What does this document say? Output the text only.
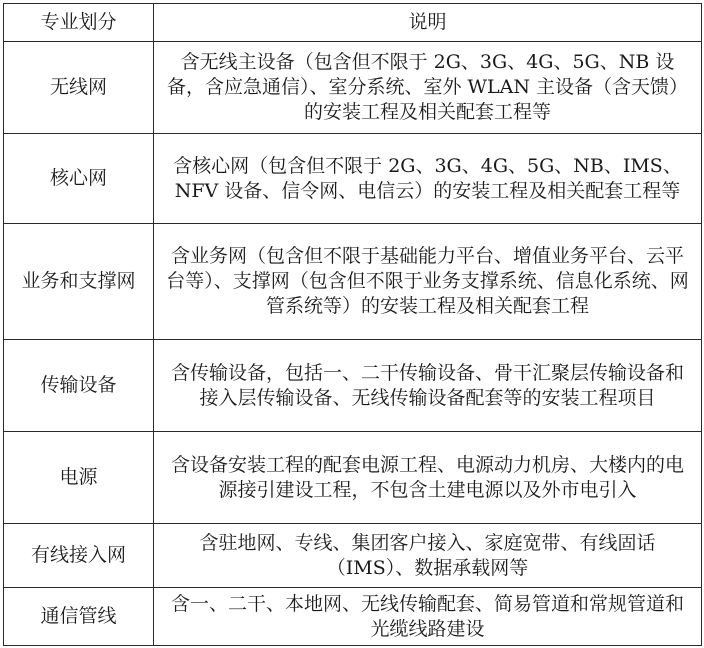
专业划分	说明
无线网	含无线主设备（包含但不限于 2G、3G、4G、5G、NB 设备，含应急通信）、室分系统、室外 WLAN 主设备（含天馈）的安装工程及相关配套工程等
核心网	含核心网（包含但不限于 2G、3G、4G、5G、NB、IMS、NFV 设备、信令网、电信云）的安装工程及相关配套工程等
业务和支撑网	含业务网（包含但不限于基础能力平台、增值业务平台、云平台等）、支撑网（包含但不限于业务支撑系统、信息化系统、网管系统等）的安装工程及相关配套工程
传输设备	含传输设备，包括一、二干传输设备、骨干汇聚层传输设备和接入层传输设备、无线传输设备配套等的安装工程项目
电源	含设备安装工程的配套电源工程、电源动力机房、大楼内的电源接引建设工程，不包含土建电源以及外市电引入
有线接入网	含驻地网、专线、集团客户接入、家庭宽带、有线固话（IMS）、数据承载网等
通信管线	含一、二干、本地网、无线传输配套、简易管道和常规管道和光缆线路建设
